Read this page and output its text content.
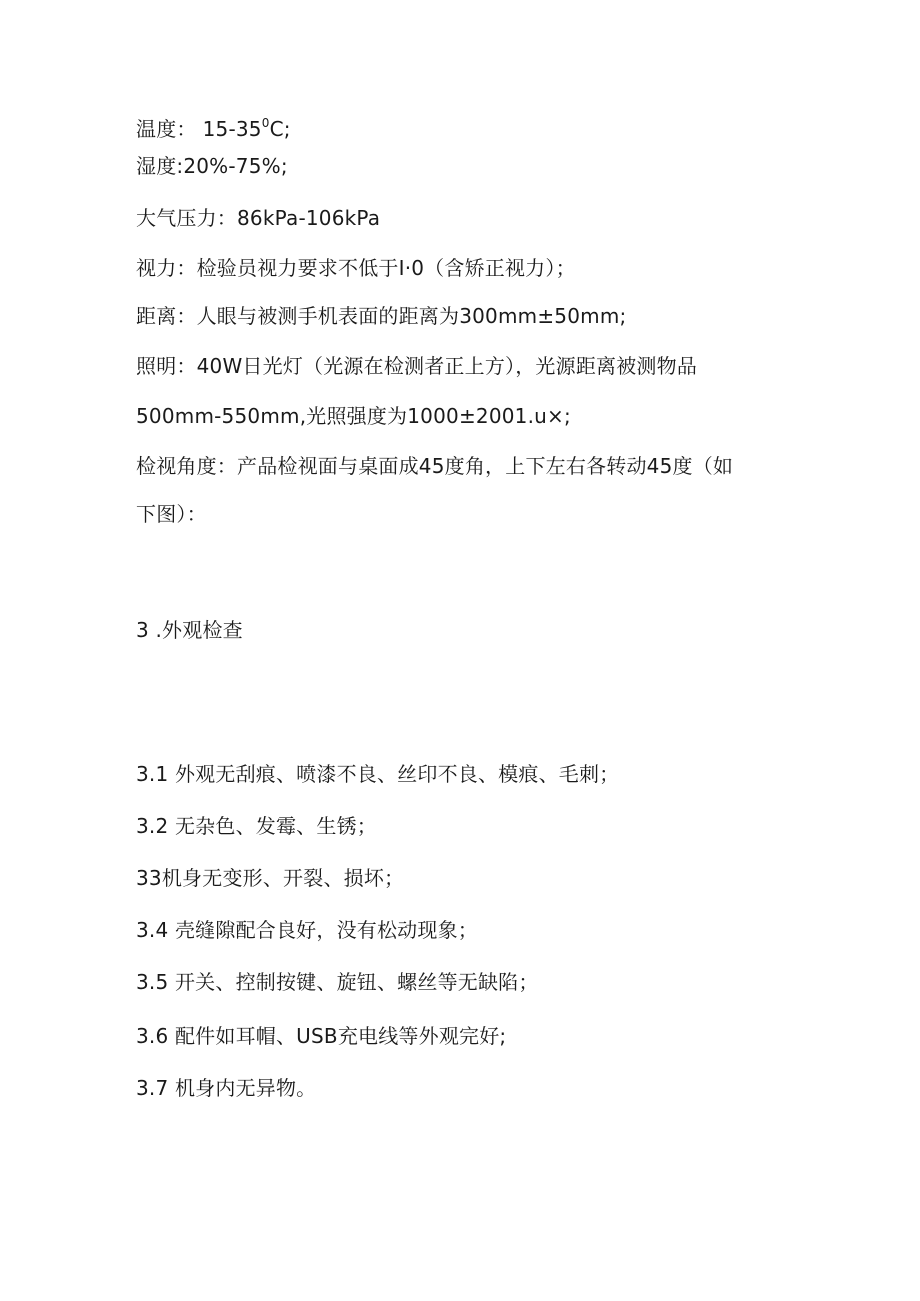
温度： $15-35^0C$;
湿度:20%-75%;
大气压力：86kPa-106kPa
视力：检验员视力要求不低于I·0（含矫正视力）；
距离：人眼与被测手机表面的距离为300mm±50mm;
照明：40W日光灯（光源在检测者正上方），光源距离被测物品
500mm-550mm,光照强度为1000±2001.u×;
检视角度：产品检视面与桌面成45度角，上下左右各转动45度（如
下图）：
3 .外观检查
3.1 外观无刮痕、喷漆不良、丝印不良、模痕、毛刺；
3.2 无杂色、发霉、生锈；
33机身无变形、开裂、损坏；
3.4 壳缝隙配合良好，没有松动现象；
3.5 开关、控制按键、旋钮、螺丝等无缺陷；
3.6 配件如耳帽、USB充电线等外观完好;
3.7 机身内无异物。
